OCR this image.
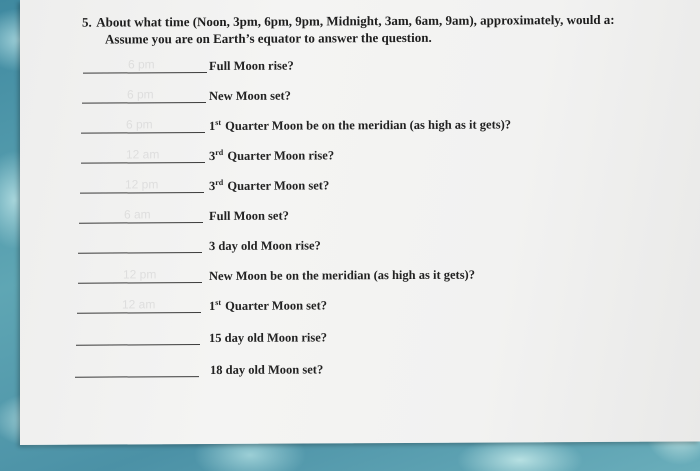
5. About what time (Noon, 3pm, 6pm, 9pm, Midnight, 3am, 6am, 9am), approximately, would a:
Assume you are on Earth’s equator to answer the question.
6 pm	Full Moon rise?
6 pm	New Moon set?
6 pm	1st Quarter Moon be on the meridian (as high as it gets)?
12 am	3rd Quarter Moon rise?
12 pm	3rd Quarter Moon set?
6 am	Full Moon set?
3 day old Moon rise?
12 pm	New Moon be on the meridian (as high as it gets)?
12 am	1st Quarter Moon set?
15 day old Moon rise?
18 day old Moon set?
